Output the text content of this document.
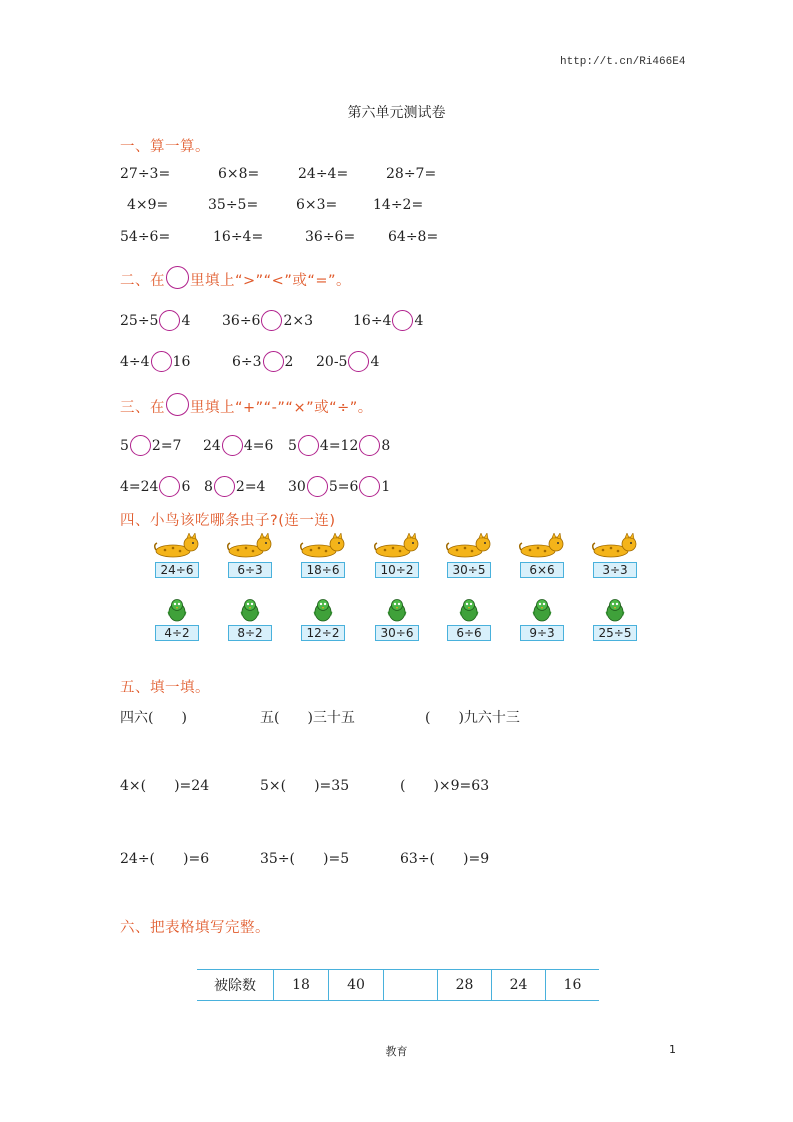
http://t.cn/Ri466E4
第六单元测试卷
一、算一算。
27÷3=	6×8=	24÷4=	28÷7=
4×9=	35÷5=	6×3=	14÷2=
54÷6=	16÷4=	36÷6= 64÷8=
二、在 里填上“>”“<”或“=”。
25÷5 4 36÷6 2×3	16÷4 4
4÷4 16	6÷3 2 20-5 4
三、在 里填上“+”“-”“×”或“÷”。
5 2=7 24 4=6 5 4=12 8
4=24 6 8 2=4 30 5=6 1
四、小鸟该吃哪条虫子?(连一连)
24÷6	6÷3	18÷6	10÷2	30÷5	6×6	3÷3
4÷2	8÷2	12÷2	30÷6	6÷6	9÷3	25÷5
五、填一填。
四六(　　)	五(　　)三十五	(　　)九六十三
4×(　　)=24	5×(　　)=35	(　　)×9=63
24÷(　　)=6	35÷(　　)=5	63÷(　　)=9
六、把表格填写完整。
被除数	18	40		28	24	16
教育	1
